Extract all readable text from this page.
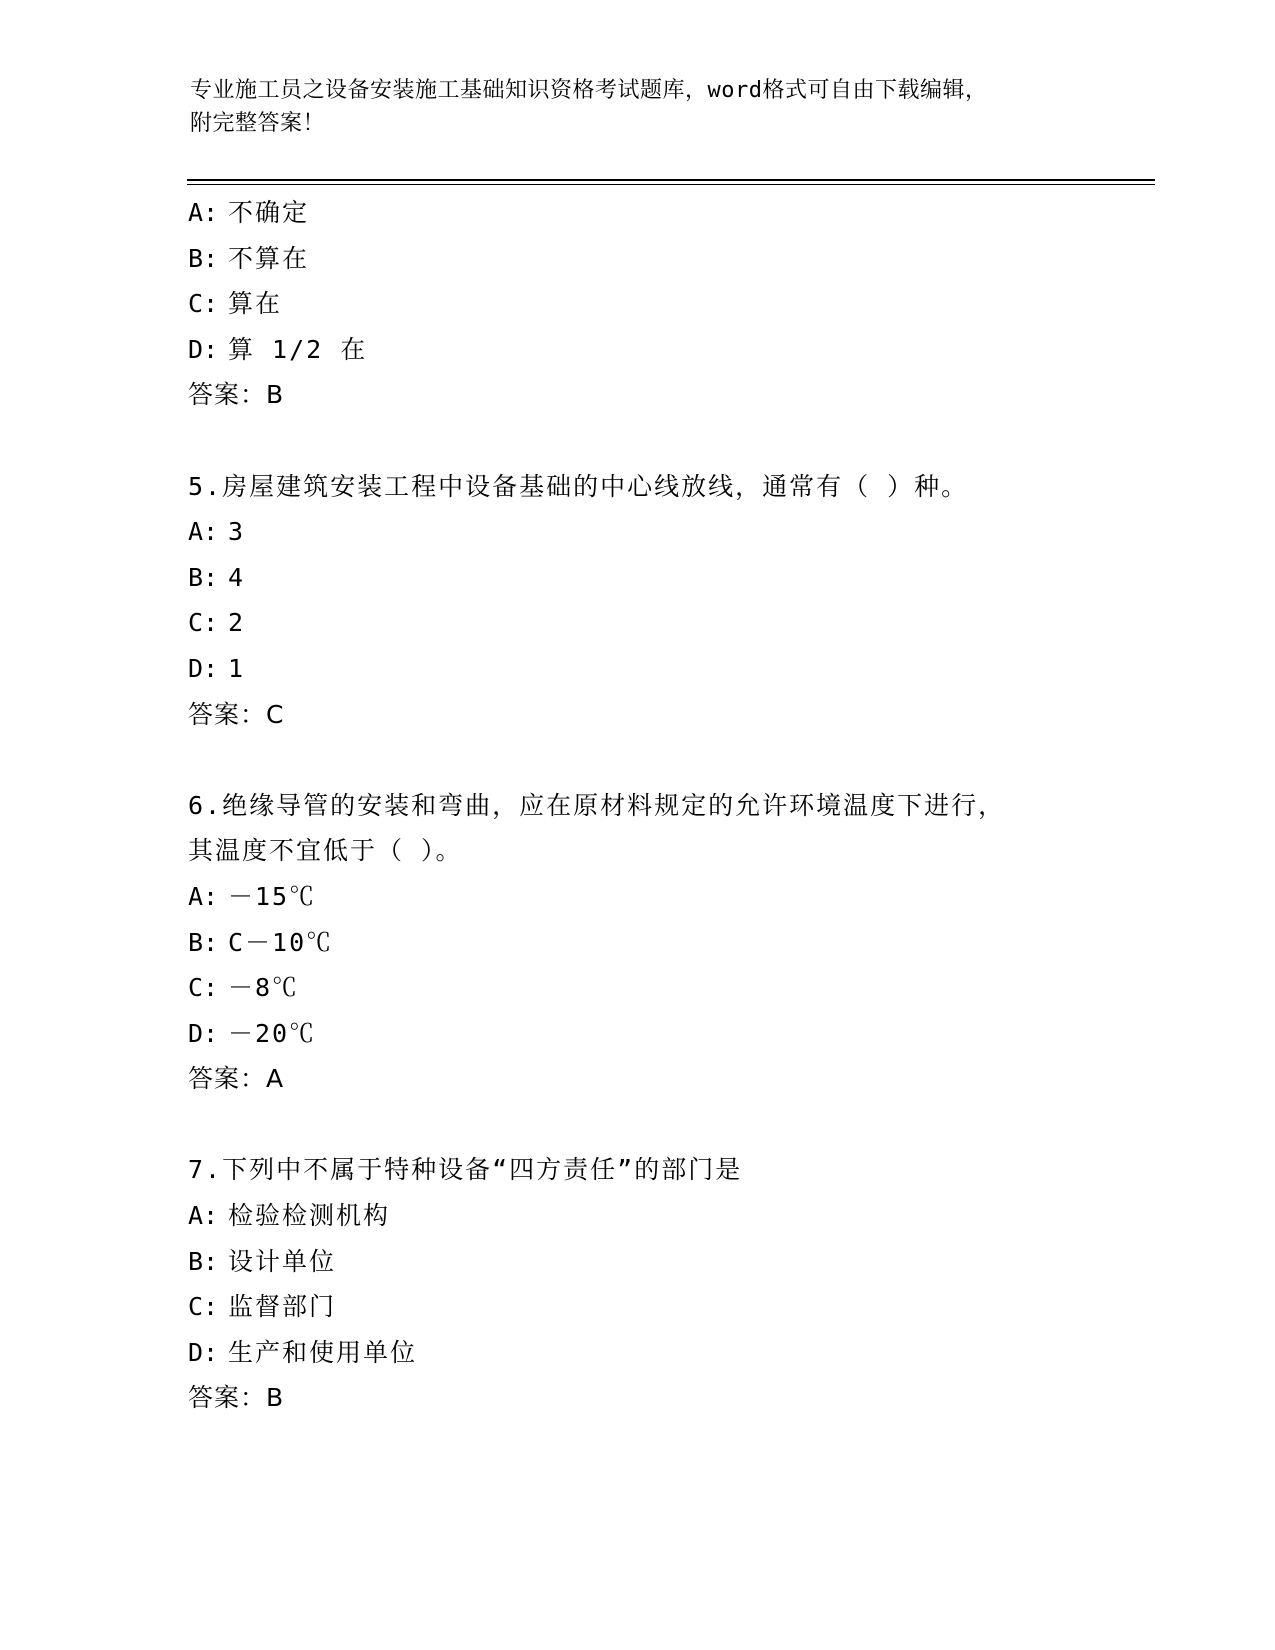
专业施工员之设备安装施工基础知识资格考试题库，word格式可自由下载编辑，
附完整答案！
A: 不确定
B: 不算在
C: 算在
D: 算 1/2 在
答案：B
5.房屋建筑安装工程中设备基础的中心线放线，通常有（ ）种。
A: 3
B: 4
C: 2
D: 1
答案：C
6.绝缘导管的安装和弯曲，应在原材料规定的允许环境温度下进行，
其温度不宜低于（ ）。
A: －15℃
B: C－10℃
C: －8℃
D: －20℃
答案：A
7.下列中不属于特种设备“四方责任”的部门是
A: 检验检测机构
B: 设计单位
C: 监督部门
D: 生产和使用单位
答案：B
